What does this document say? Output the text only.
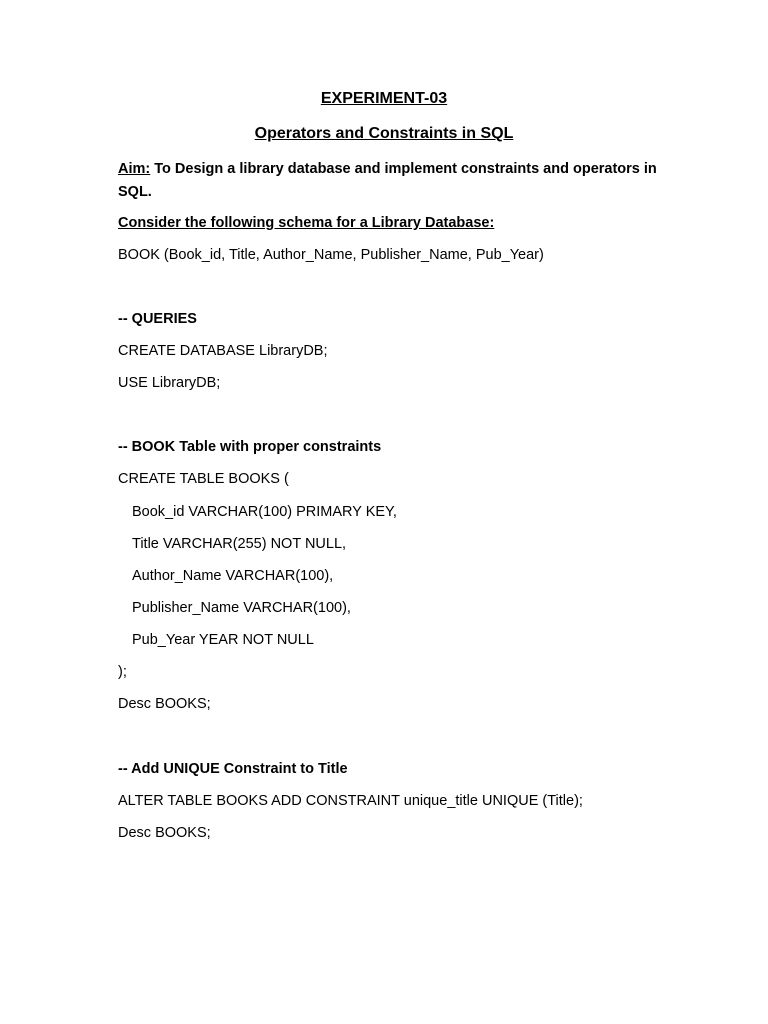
EXPERIMENT-03
Operators and Constraints in SQL
Aim: To Design a library database and implement constraints and operators in
SQL.
Consider the following schema for a Library Database:
BOOK (Book_id, Title, Author_Name, Publisher_Name, Pub_Year)
-- QUERIES
CREATE DATABASE LibraryDB;
USE LibraryDB;
-- BOOK Table with proper constraints
CREATE TABLE BOOKS (
Book_id VARCHAR(100) PRIMARY KEY,
Title VARCHAR(255) NOT NULL,
Author_Name VARCHAR(100),
Publisher_Name VARCHAR(100),
Pub_Year YEAR NOT NULL
);
Desc BOOKS;
-- Add UNIQUE Constraint to Title
ALTER TABLE BOOKS ADD CONSTRAINT unique_title UNIQUE (Title);
Desc BOOKS;
